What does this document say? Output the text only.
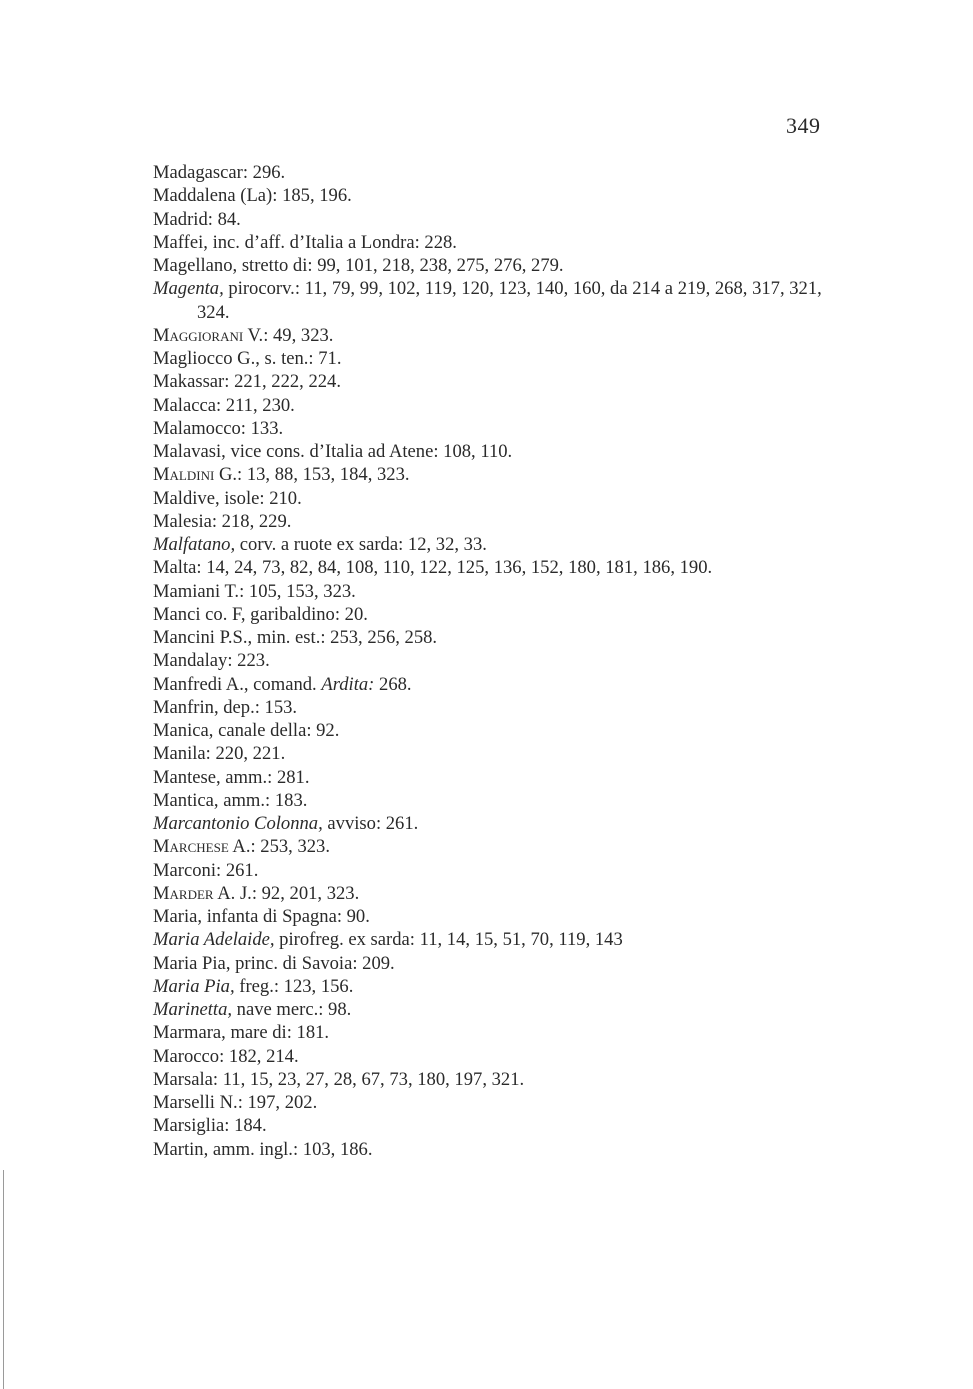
349
Madagascar: 296.
Maddalena (La): 185, 196.
Madrid: 84.
Maffei, inc. d’aff. d’Italia a Londra: 228.
Magellano, stretto di: 99, 101, 218, 238, 275, 276, 279.
Magenta, pirocorv.: 11, 79, 99, 102, 119, 120, 123, 140, 160, da 214 a 219, 268, 317, 321, 324.
Maggiorani V.: 49, 323.
Magliocco G., s. ten.: 71.
Makassar: 221, 222, 224.
Malacca: 211, 230.
Malamocco: 133.
Malavasi, vice cons. d’Italia ad Atene: 108, 110.
Maldini G.: 13, 88, 153, 184, 323.
Maldive, isole: 210.
Malesia: 218, 229.
Malfatano, corv. a ruote ex sarda: 12, 32, 33.
Malta: 14, 24, 73, 82, 84, 108, 110, 122, 125, 136, 152, 180, 181, 186, 190.
Mamiani T.: 105, 153, 323.
Manci co. F, garibaldino: 20.
Mancini P.S., min. est.: 253, 256, 258.
Mandalay: 223.
Manfredi A., comand. Ardita: 268.
Manfrin, dep.: 153.
Manica, canale della: 92.
Manila: 220, 221.
Mantese, amm.: 281.
Mantica, amm.: 183.
Marcantonio Colonna, avviso: 261.
Marchese A.: 253, 323.
Marconi: 261.
Marder A. J.: 92, 201, 323.
Maria, infanta di Spagna: 90.
Maria Adelaide, pirofreg. ex sarda: 11, 14, 15, 51, 70, 119, 143
Maria Pia, princ. di Savoia: 209.
Maria Pia, freg.: 123, 156.
Marinetta, nave merc.: 98.
Marmara, mare di: 181.
Marocco: 182, 214.
Marsala: 11, 15, 23, 27, 28, 67, 73, 180, 197, 321.
Marselli N.: 197, 202.
Marsiglia: 184.
Martin, amm. ingl.: 103, 186.
